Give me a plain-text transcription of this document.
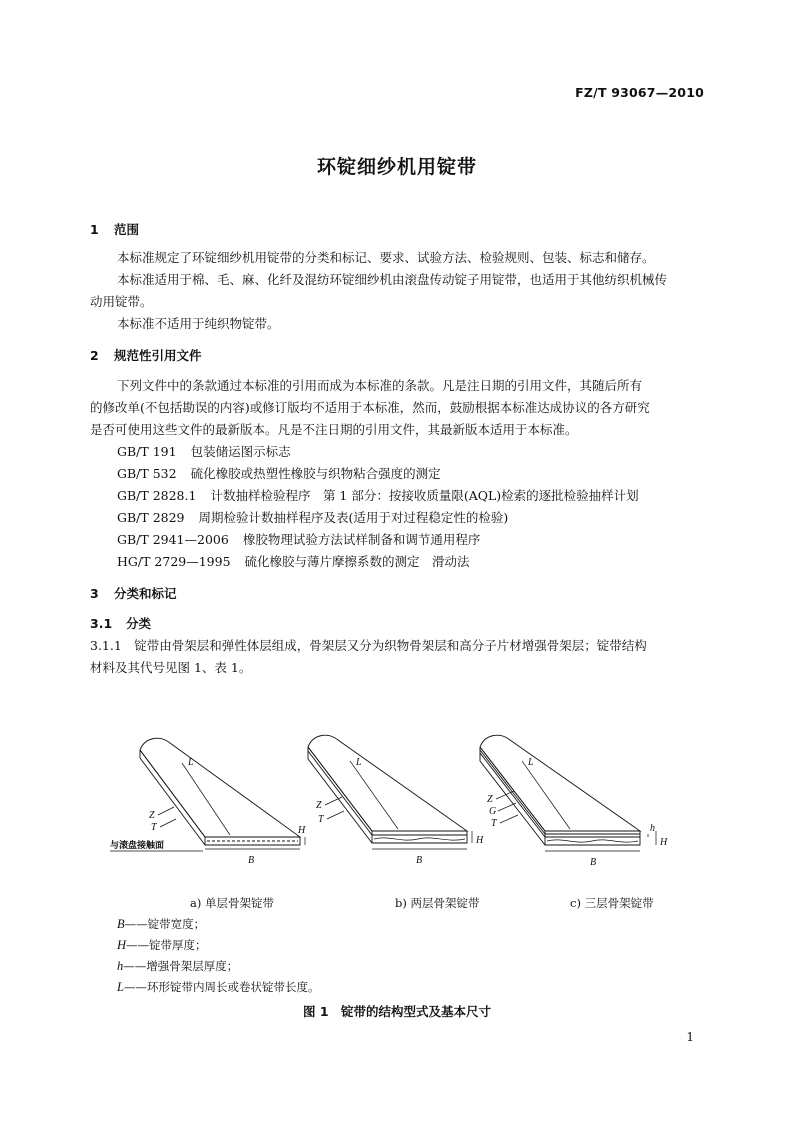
FZ/T 93067—2010
环锭细纱机用锭带
1 范围
本标准规定了环锭细纱机用锭带的分类和标记、要求、试验方法、检验规则、包装、标志和储存。
本标准适用于棉、毛、麻、化纤及混纺环锭细纱机由滚盘传动锭子用锭带，也适用于其他纺织机械传
动用锭带。
本标准不适用于纯织物锭带。
2 规范性引用文件
下列文件中的条款通过本标准的引用而成为本标准的条款。凡是注日期的引用文件，其随后所有
的修改单(不包括勘误的内容)或修订版均不适用于本标准，然而，鼓励根据本标准达成协议的各方研究
是否可使用这些文件的最新版本。凡是不注日期的引用文件，其最新版本适用于本标准。
GB/T 191 包装储运图示标志
GB/T 532 硫化橡胶或热塑性橡胶与织物粘合强度的测定
GB/T 2828.1 计数抽样检验程序　第 1 部分：按接收质量限(AQL)检索的逐批检验抽样计划
GB/T 2829 周期检验计数抽样程序及表(适用于对过程稳定性的检验)
GB/T 2941—2006 橡胶物理试验方法试样制备和调节通用程序
HG/T 2729—1995 硫化橡胶与薄片摩擦系数的测定　滑动法
3 分类和标记
3.1 分类
3.1.1　锭带由骨架层和弹性体层组成，骨架层又分为织物骨架层和高分子片材增强骨架层；锭带结构
材料及其代号见图 1、表 1。
L
Z
T	H
B
L
Z
T
H
B
L
Z
G
T	h
H
B
与滚盘接触面
a) 单层骨架锭带	b) 两层骨架锭带	c) 三层骨架锭带
B——锭带宽度；
H——锭带厚度；
h——增强骨架层厚度；
L——环形锭带内周长或卷状锭带长度。
图 1　锭带的结构型式及基本尺寸
1
